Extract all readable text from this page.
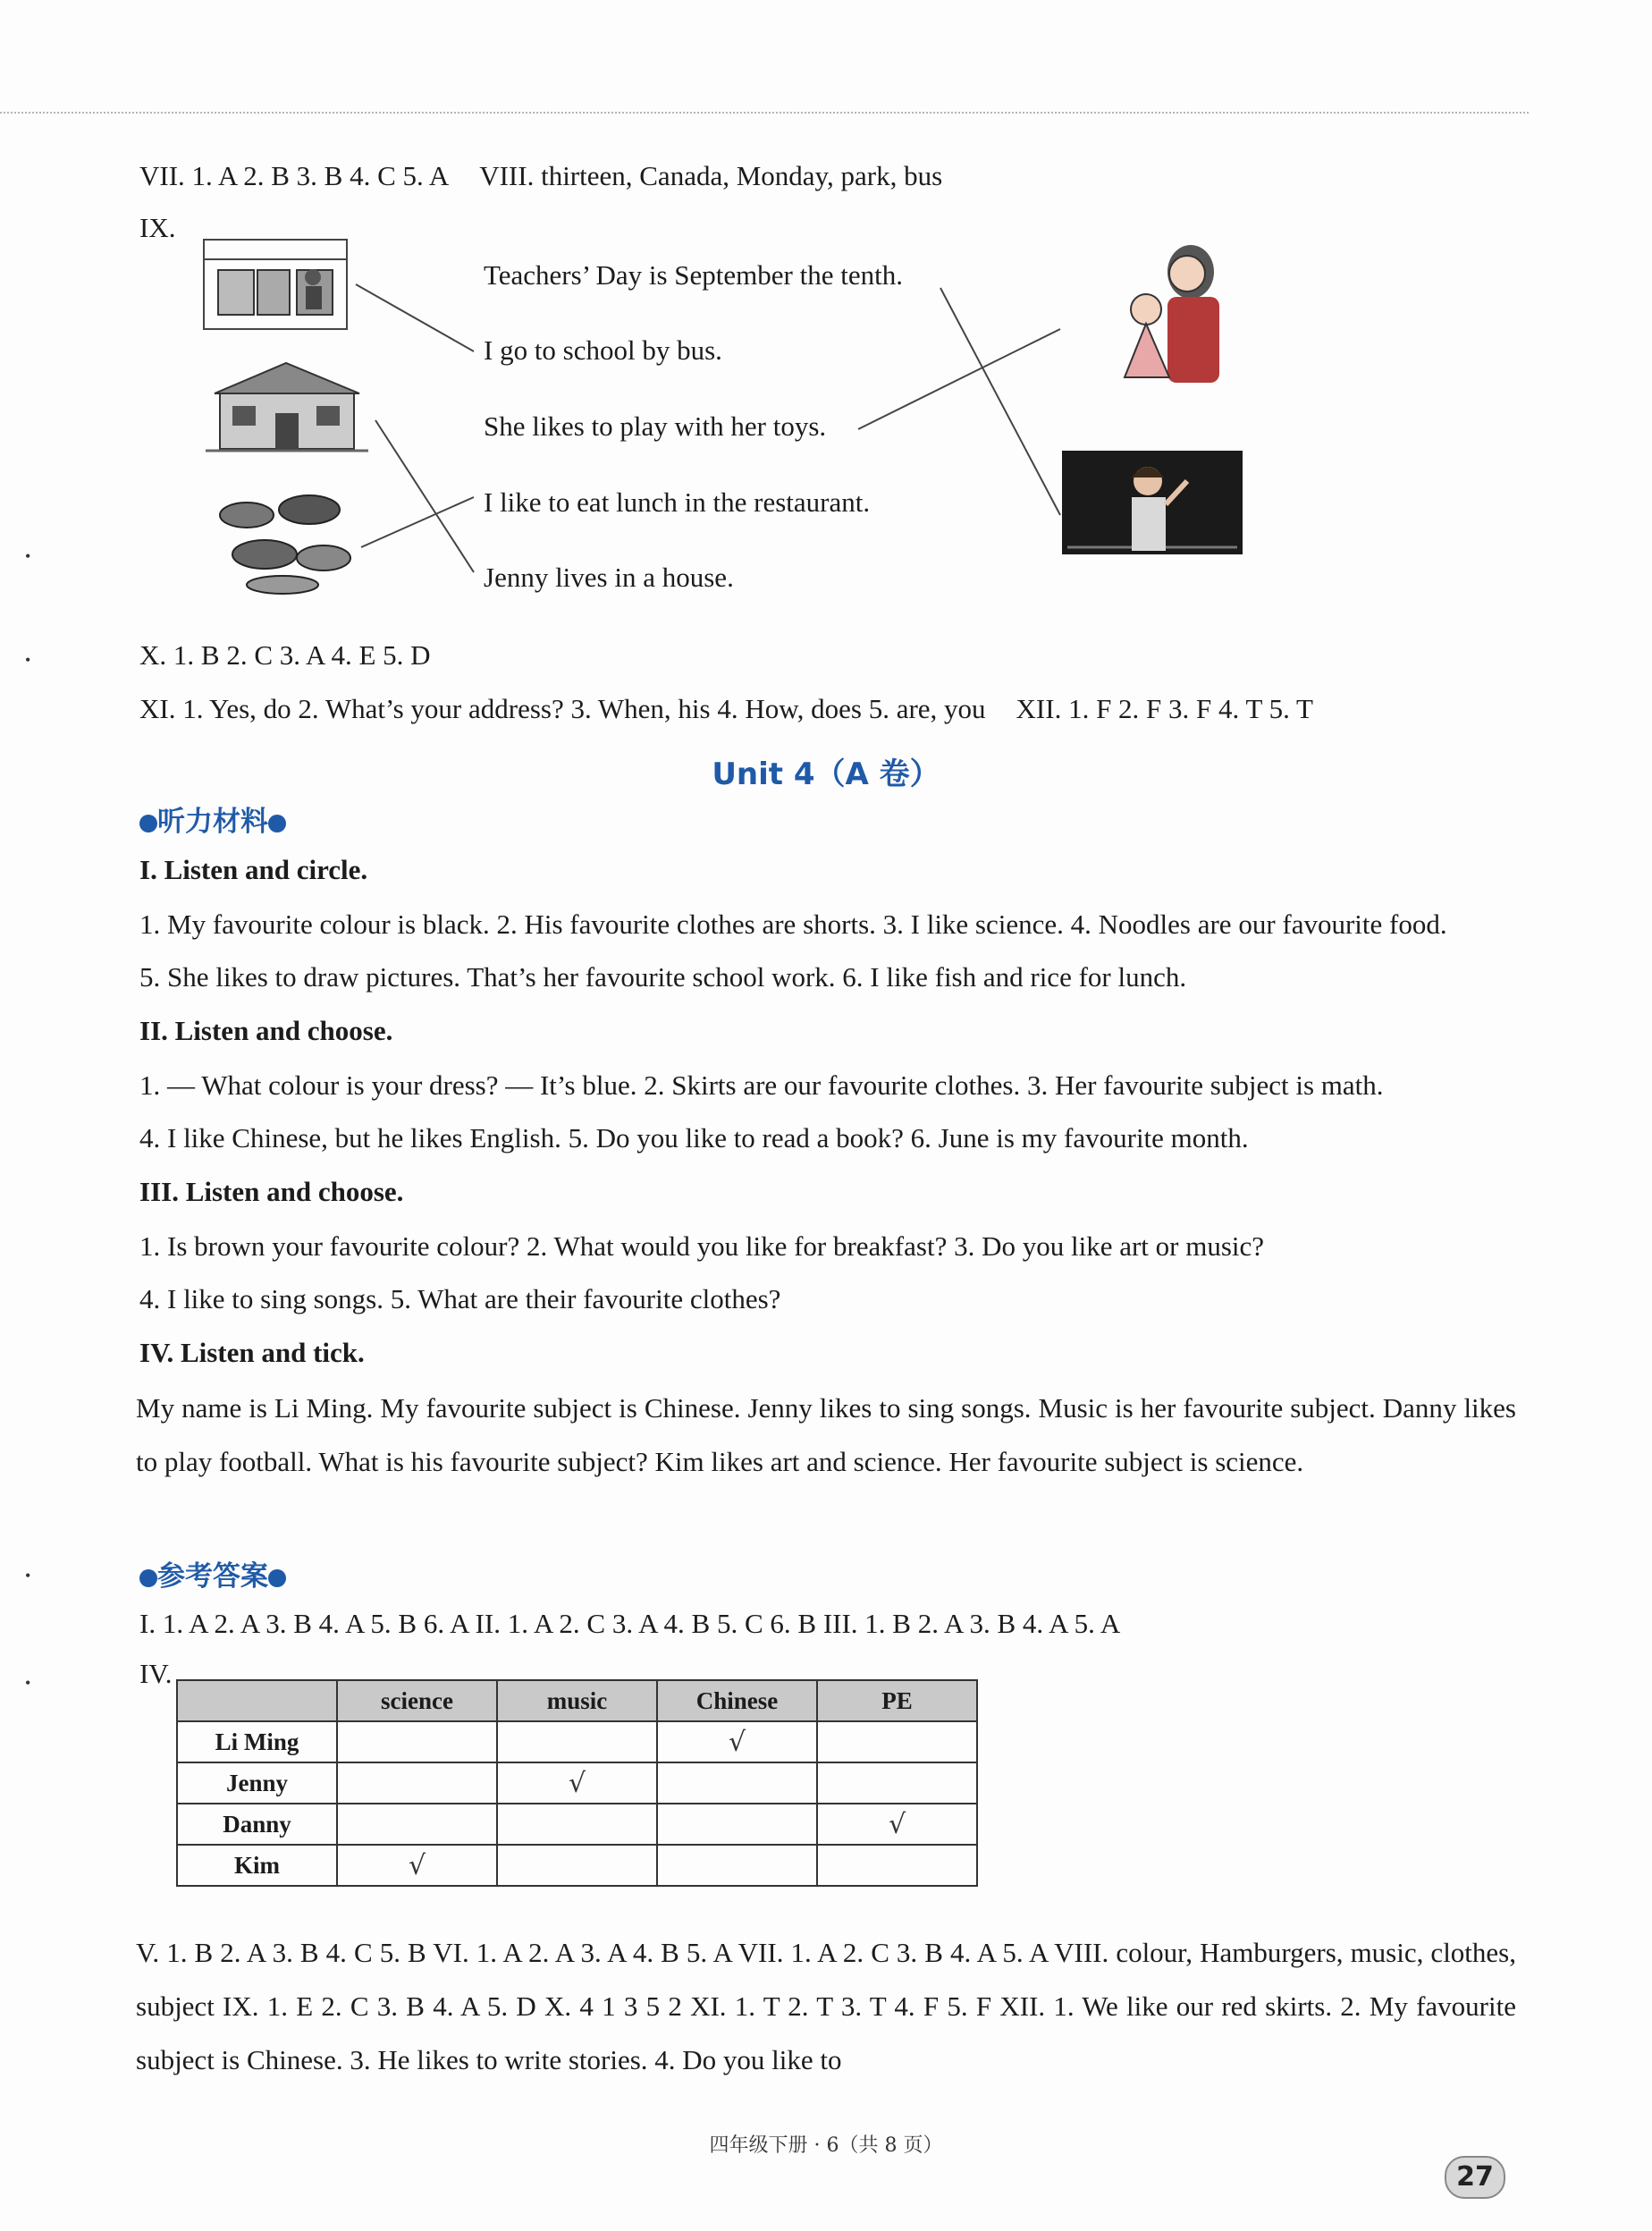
VII. 1. A 2. B 3. B 4. C 5. A VIII. thirteen, Canada, Monday, park, bus
IX.
Teachers’ Day is September the tenth.
I go to school by bus.
She likes to play with her toys.
I like to eat lunch in the restaurant.
Jenny lives in a house.
X. 1. B 2. C 3. A 4. E 5. D
XI. 1. Yes, do 2. What’s your address? 3. When, his 4. How, does 5. are, you XII. 1. F 2. F 3. F 4. T 5. T
Unit 4（A 卷）
听力材料
I. Listen and circle.
1. My favourite colour is black. 2. His favourite clothes are shorts. 3. I like science. 4. Noodles are our favourite food.
5. She likes to draw pictures. That’s her favourite school work. 6. I like fish and rice for lunch.
II. Listen and choose.
1. — What colour is your dress? — It’s blue. 2. Skirts are our favourite clothes. 3. Her favourite subject is math.
4. I like Chinese, but he likes English. 5. Do you like to read a book? 6. June is my favourite month.
III. Listen and choose.
1. Is brown your favourite colour? 2. What would you like for breakfast? 3. Do you like art or music?
4. I like to sing songs. 5. What are their favourite clothes?
IV. Listen and tick.
My name is Li Ming. My favourite subject is Chinese. Jenny likes to sing songs. Music is her favourite subject. Danny likes to play football. What is his favourite subject? Kim likes art and science. Her favourite subject is science.
参考答案
I. 1. A 2. A 3. B 4. A 5. B 6. A II. 1. A 2. C 3. A 4. B 5. C 6. B III. 1. B 2. A 3. B 4. A 5. A
IV.
	science	music	Chinese	PE
Li Ming			√	
Jenny		√		
Danny				√
Kim	√			
V. 1. B 2. A 3. B 4. C 5. B VI. 1. A 2. A 3. A 4. B 5. A VII. 1. A 2. C 3. B 4. A 5. A VIII. colour, Hamburgers, music, clothes, subject IX. 1. E 2. C 3. B 4. A 5. D X. 4 1 3 5 2 XI. 1. T 2. T 3. T 4. F 5. F XII. 1. We like our red skirts. 2. My favourite subject is Chinese. 3. He likes to write stories. 4. Do you like to
四年级下册 · 6（共 8 页）
27
•
•
•
•
